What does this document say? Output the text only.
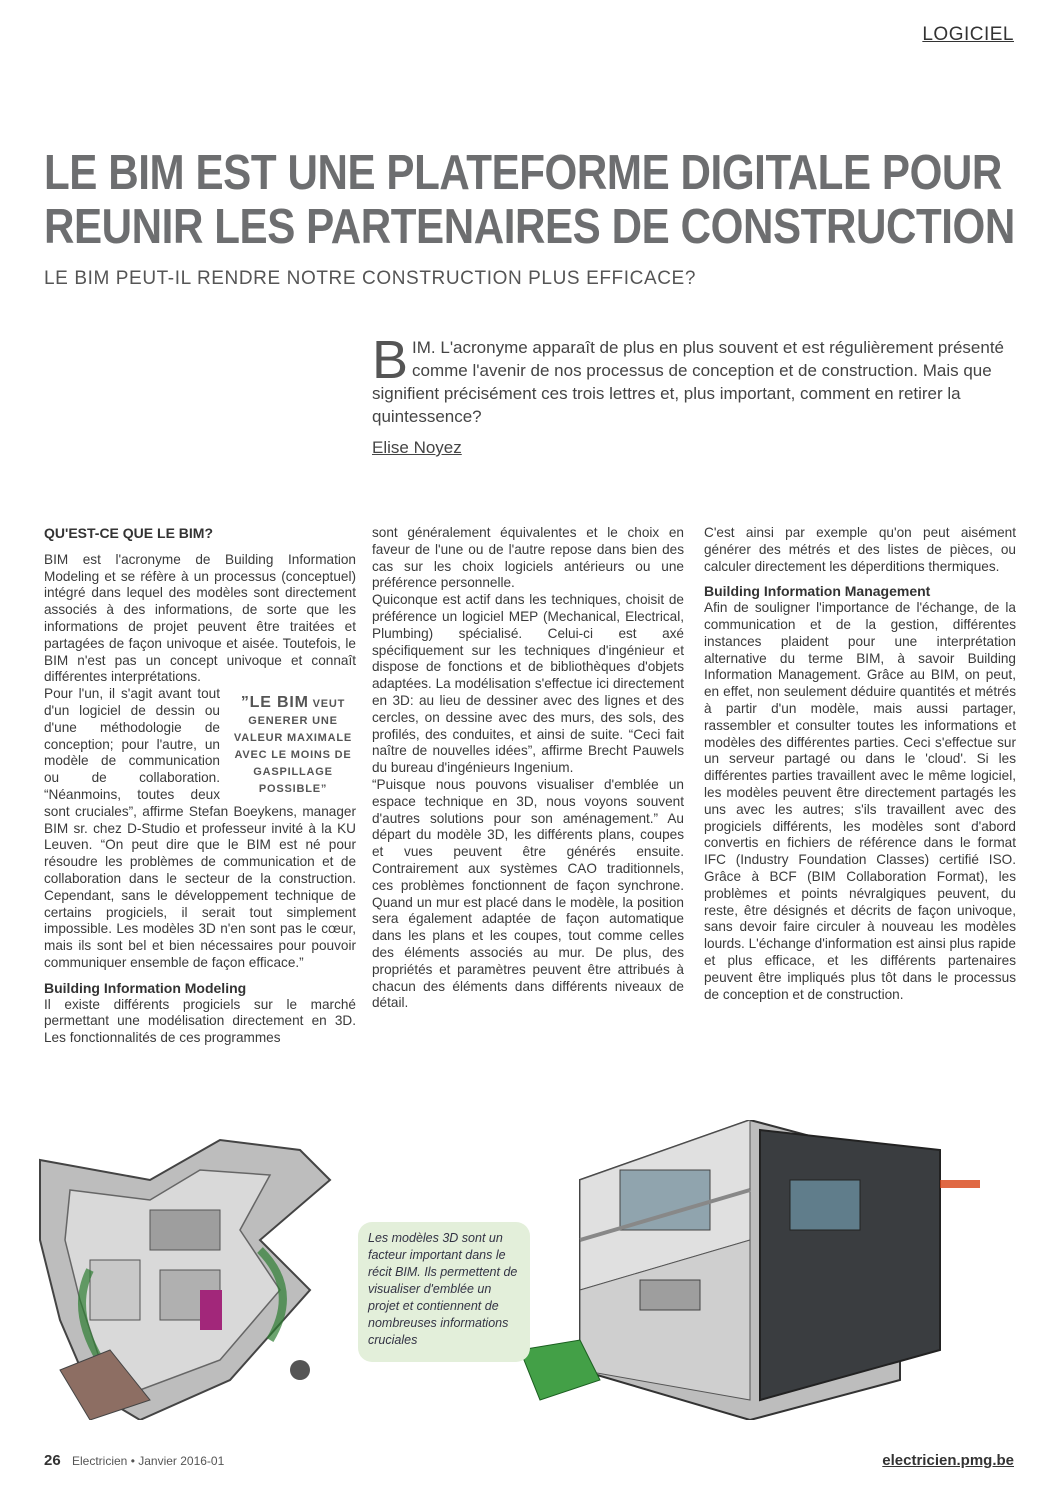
LOGICIEL
LE BIM EST UNE PLATEFORME DIGITALE POUR
REUNIR LES PARTENAIRES DE CONSTRUCTION
LE BIM PEUT-IL RENDRE NOTRE CONSTRUCTION PLUS EFFICACE?
B IM. L'acronyme apparaît de plus en plus souvent et est régulièrement présenté comme l'avenir de nos processus de conception et de construction. Mais que signifient précisément ces trois lettres et, plus important, comment en retirer la quintessence?
Elise Noyez
QU'EST-CE QUE LE BIM?

BIM est l'acronyme de Building Information Modeling et se réfère à un processus (conceptuel) intégré dans lequel des modèles sont directement associés à des informations, de sorte que les informations de projet peuvent être traitées et partagées de façon univoque et aisée. Toutefois, le BIM n'est pas un concept univoque et connaît différentes interprétations.

”LE BIM VEUT GENERER UNE VALEUR MAXIMALE AVEC LE MOINS DE GASPILLAGE POSSIBLE”

Pour l'un, il s'agit avant tout d'un logiciel de dessin ou d'une méthodologie de conception; pour l'autre, un modèle de communication ou de collaboration. “Néanmoins, toutes deux sont cruciales”, affirme Stefan Boeykens, manager BIM sr. chez D-Studio et professeur invité à la KU Leuven. “On peut dire que le BIM est né pour résoudre les problèmes de communication et de collaboration dans le secteur de la construction. Cependant, sans le développement technique de certains progiciels, il serait tout simplement impossible. Les modèles 3D n'en sont pas le cœur, mais ils sont bel et bien nécessaires pour pouvoir communiquer ensemble de façon efficace.”

Building Information Modeling

Il existe différents progiciels sur le marché permettant une modélisation directement en 3D. Les fonctionnalités de ces programmes

sont généralement équivalentes et le choix en faveur de l'une ou de l'autre repose dans bien des cas sur les choix logiciels antérieurs ou une préférence personnelle.

Quiconque est actif dans les techniques, choisit de préférence un logiciel MEP (Mechanical, Electrical, Plumbing) spécialisé. Celui-ci est axé spécifiquement sur les techniques d'ingénieur et dispose de fonctions et de bibliothèques d'objets adaptées. La modélisation s'effectue ici directement en 3D: au lieu de dessiner avec des lignes et des cercles, on dessine avec des murs, des sols, des profilés, des conduites, et ainsi de suite. “Ceci fait naître de nouvelles idées”, affirme Brecht Pauwels du bureau d'ingénieurs Ingenium.

“Puisque nous pouvons visualiser d'emblée un espace technique en 3D, nous voyons souvent d'autres solutions pour son aménagement.” Au départ du modèle 3D, les différents plans, coupes et vues peuvent être générés ensuite. Contrairement aux systèmes CAO traditionnels, ces problèmes fonctionnent de façon synchrone. Quand un mur est placé dans le modèle, la position sera également adaptée de façon automatique dans les plans et les coupes, tout comme celles des éléments associés au mur. De plus, des propriétés et paramètres peuvent être attribués à chacun des éléments dans différents niveaux de détail.

C'est ainsi par exemple qu'on peut aisément générer des métrés et des listes de pièces, ou calculer directement les déperditions thermiques.

Building Information Management

Afin de souligner l'importance de l'échange, de la communication et de la gestion, différentes instances plaident pour une interprétation alternative du terme BIM, à savoir Building Information Management. Grâce au BIM, on peut, en effet, non seulement déduire quantités et métrés à partir d'un modèle, mais aussi partager, rassembler et consulter toutes les informations et modèles des différentes parties. Ceci s'effectue sur un serveur partagé ou dans le 'cloud'. Si les différentes parties travaillent avec le même logiciel, les modèles peuvent être directement partagés les uns avec les autres; s'ils travaillent avec des progiciels différents, les modèles sont d'abord convertis en fichiers de référence dans le format IFC (Industry Foundation Classes) certifié ISO. Grâce à BCF (BIM Collaboration Format), les problèmes et points névralgiques peuvent, du reste, être désignés et décrits de façon univoque, sans devoir faire circuler à nouveau les modèles lourds. L'échange d'information est ainsi plus rapide et plus efficace, et les différents partenaires peuvent être impliqués plus tôt dans le processus de conception et de construction.

Les modèles 3D sont un facteur important dans le récit BIM. Ils permettent de visualiser d'emblée un projet et contiennent de nombreuses informations cruciales
26 Electricien • Janvier 2016-01	electricien.pmg.be
